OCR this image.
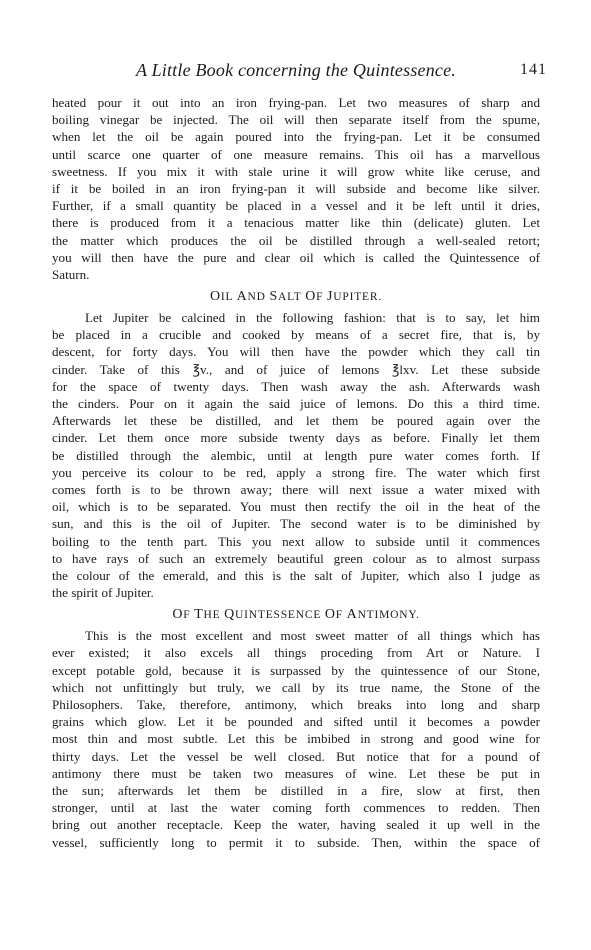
A Little Book concerning the Quintessence.	141
heated pour it out into an iron frying-pan. Let two measures of sharp and
boiling vinegar be injected. The oil will then separate itself from the spume,
when let the oil be again poured into the frying-pan. Let it be consumed
until scarce one quarter of one measure remains. This oil has a marvellous
sweetness. If you mix it with stale urine it will grow white like ceruse, and
if it be boiled in an iron frying-pan it will subside and become like silver.
Further, if a small quantity be placed in a vessel and it be left until it dries,
there is produced from it a tenacious matter like thin (delicate) gluten. Let
the matter which produces the oil be distilled through a well-sealed retort;
you will then have the pure and clear oil which is called the Quintessence of
Saturn.
OIL AND SALT OF JUPITER.
Let Jupiter be calcined in the following fashion: that is to say, let him
be placed in a crucible and cooked by means of a secret fire, that is, by
descent, for forty days. You will then have the powder which they call tin
cinder. Take of this ℥v., and of juice of lemons ℥lxv. Let these subside
for the space of twenty days. Then wash away the ash. Afterwards wash
the cinders. Pour on it again the said juice of lemons. Do this a third time.
Afterwards let these be distilled, and let them be poured again over the
cinder. Let them once more subside twenty days as before. Finally let them
be distilled through the alembic, until at length pure water comes forth. If
you perceive its colour to be red, apply a strong fire. The water which first
comes forth is to be thrown away; there will next issue a water mixed with
oil, which is to be separated. You must then rectify the oil in the heat of the
sun, and this is the oil of Jupiter. The second water is to be diminished by
boiling to the tenth part. This you next allow to subside until it commences
to have rays of such an extremely beautiful green colour as to almost surpass
the colour of the emerald, and this is the salt of Jupiter, which also I judge as
the spirit of Jupiter.
OF THE QUINTESSENCE OF ANTIMONY.
This is the most excellent and most sweet matter of all things which has
ever existed; it also excels all things proceding from Art or Nature. I
except potable gold, because it is surpassed by the quintessence of our Stone,
which not unfittingly but truly, we call by its true name, the Stone of the
Philosophers. Take, therefore, antimony, which breaks into long and sharp
grains which glow. Let it be pounded and sifted until it becomes a powder
most thin and most subtle. Let this be imbibed in strong and good wine for
thirty days. Let the vessel be well closed. But notice that for a pound of
antimony there must be taken two measures of wine. Let these be put in
the sun; afterwards let them be distilled in a fire, slow at first, then
stronger, until at last the water coming forth commences to redden. Then
bring out another receptacle. Keep the water, having sealed it up well in the
vessel, sufficiently long to permit it to subside. Then, within the space of
